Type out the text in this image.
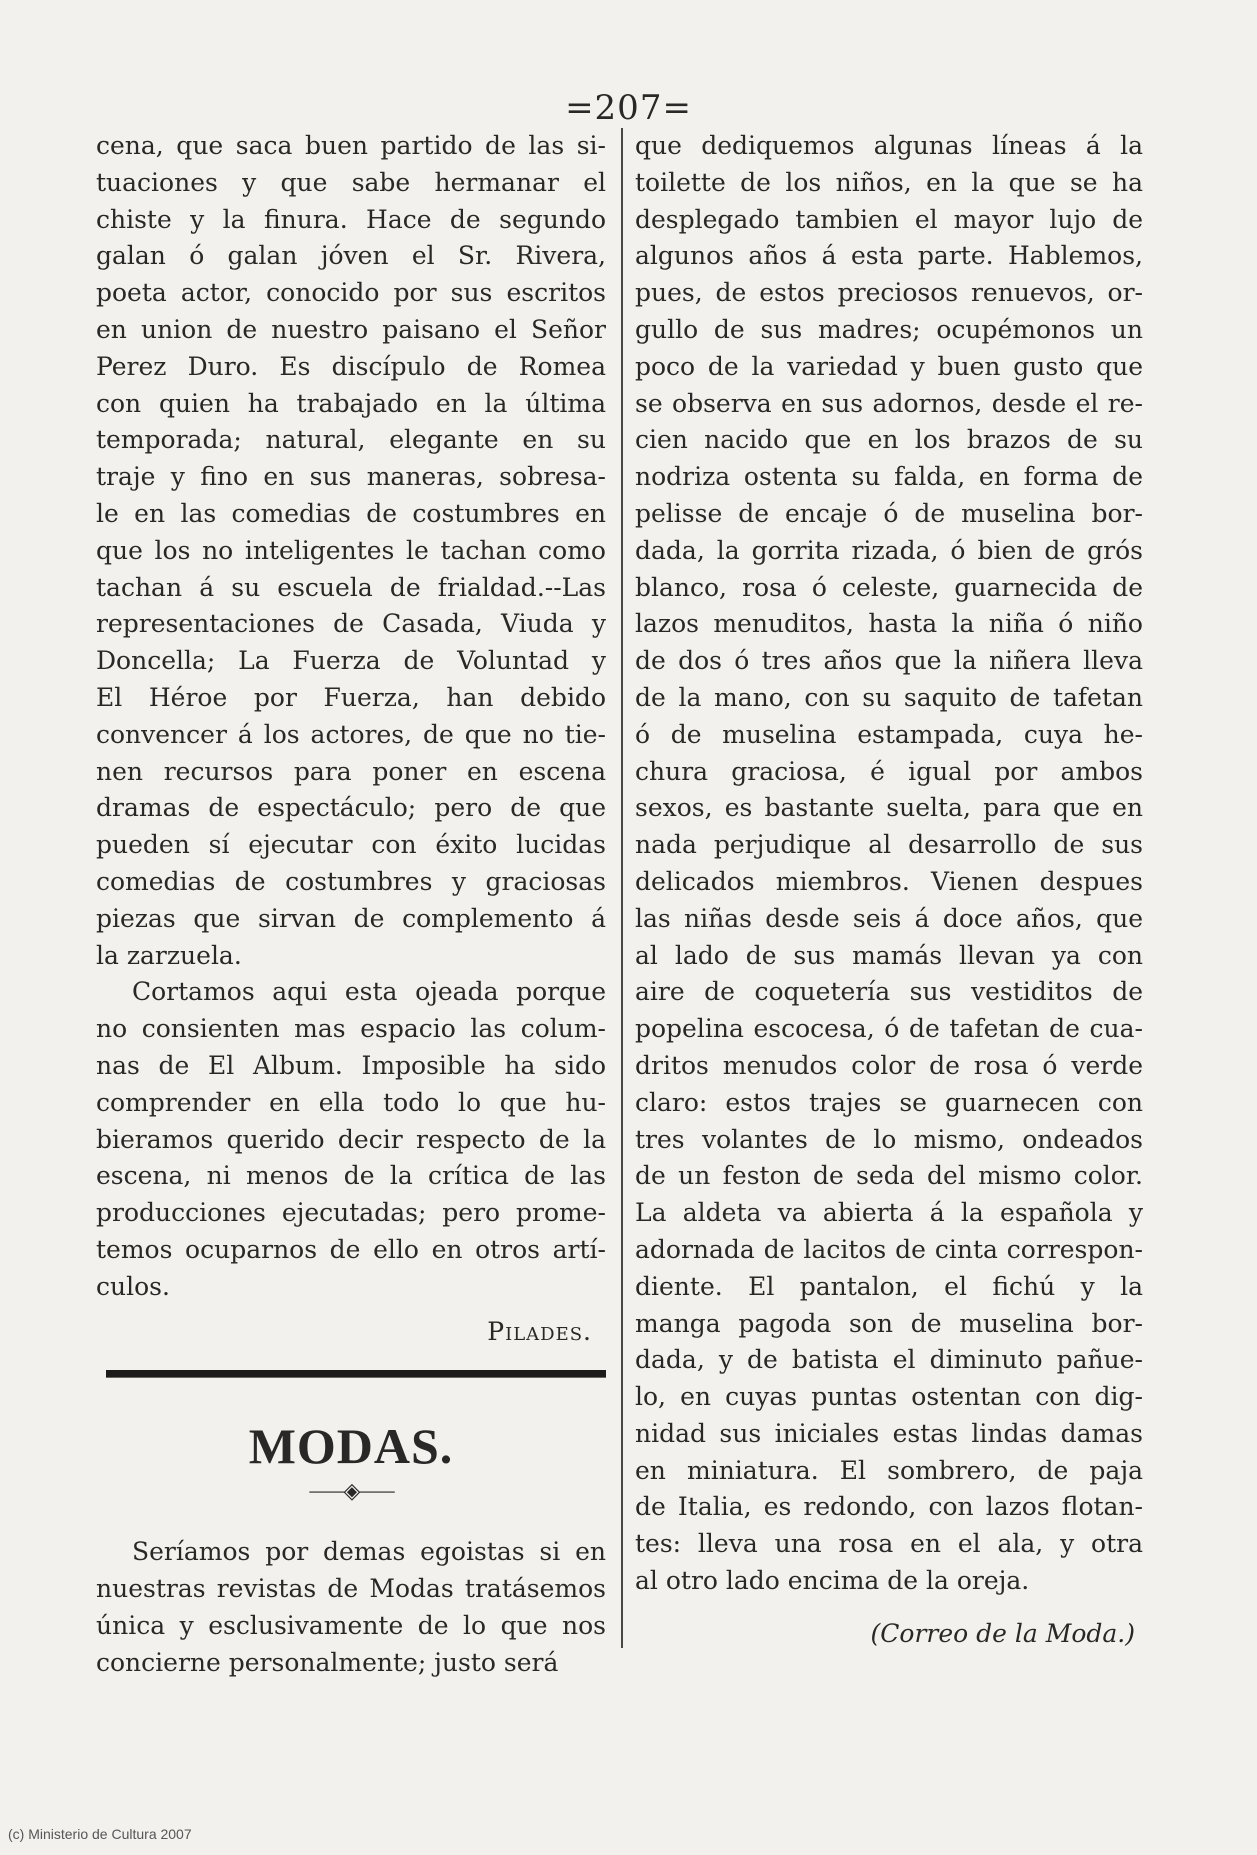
=207=
cena, que saca buen partido de las si-
tuaciones y que sabe hermanar el
chiste y la finura. Hace de segundo
galan ó galan jóven el Sr. Rivera,
poeta actor, conocido por sus escritos
en union de nuestro paisano el Señor
Perez Duro. Es discípulo de Romea
con quien ha trabajado en la última
temporada; natural, elegante en su
traje y fino en sus maneras, sobresa-
le en las comedias de costumbres en
que los no inteligentes le tachan como
tachan á su escuela de frialdad.--Las
representaciones de Casada, Viuda y
Doncella; La Fuerza de Voluntad y
El Héroe por Fuerza, han debido
convencer á los actores, de que no tie-
nen recursos para poner en escena
dramas de espectáculo; pero de que
pueden sí ejecutar con éxito lucidas
comedias de costumbres y graciosas
piezas que sirvan de complemento á
la zarzuela.
Cortamos aqui esta ojeada porque
no consienten mas espacio las colum-
nas de El Album. Imposible ha sido
comprender en ella todo lo que hu-
bieramos querido decir respecto de la
escena, ni menos de la crítica de las
producciones ejecutadas; pero prome-
temos ocuparnos de ello en otros artí-
culos.
Pilades.
MODAS.
⸺◈⸺
Seríamos por demas egoistas si en
nuestras revistas de Modas tratásemos
única y esclusivamente de lo que nos
concierne personalmente; justo será
que dediquemos algunas líneas á la
toilette de los niños, en la que se ha
desplegado tambien el mayor lujo de
algunos años á esta parte. Hablemos,
pues, de estos preciosos renuevos, or-
gullo de sus madres; ocupémonos un
poco de la variedad y buen gusto que
se observa en sus adornos, desde el re-
cien nacido que en los brazos de su
nodriza ostenta su falda, en forma de
pelisse de encaje ó de muselina bor-
dada, la gorrita rizada, ó bien de grós
blanco, rosa ó celeste, guarnecida de
lazos menuditos, hasta la niña ó niño
de dos ó tres años que la niñera lleva
de la mano, con su saquito de tafetan
ó de muselina estampada, cuya he-
chura graciosa, é igual por ambos
sexos, es bastante suelta, para que en
nada perjudique al desarrollo de sus
delicados miembros. Vienen despues
las niñas desde seis á doce años, que
al lado de sus mamás llevan ya con
aire de coquetería sus vestiditos de
popelina escocesa, ó de tafetan de cua-
dritos menudos color de rosa ó verde
claro: estos trajes se guarnecen con
tres volantes de lo mismo, ondeados
de un feston de seda del mismo color.
La aldeta va abierta á la española y
adornada de lacitos de cinta correspon-
diente. El pantalon, el fichú y la
manga pagoda son de muselina bor-
dada, y de batista el diminuto pañue-
lo, en cuyas puntas ostentan con dig-
nidad sus iniciales estas lindas damas
en miniatura. El sombrero, de paja
de Italia, es redondo, con lazos flotan-
tes: lleva una rosa en el ala, y otra
al otro lado encima de la oreja.
(Correo de la Moda.)
(c) Ministerio de Cultura 2007
